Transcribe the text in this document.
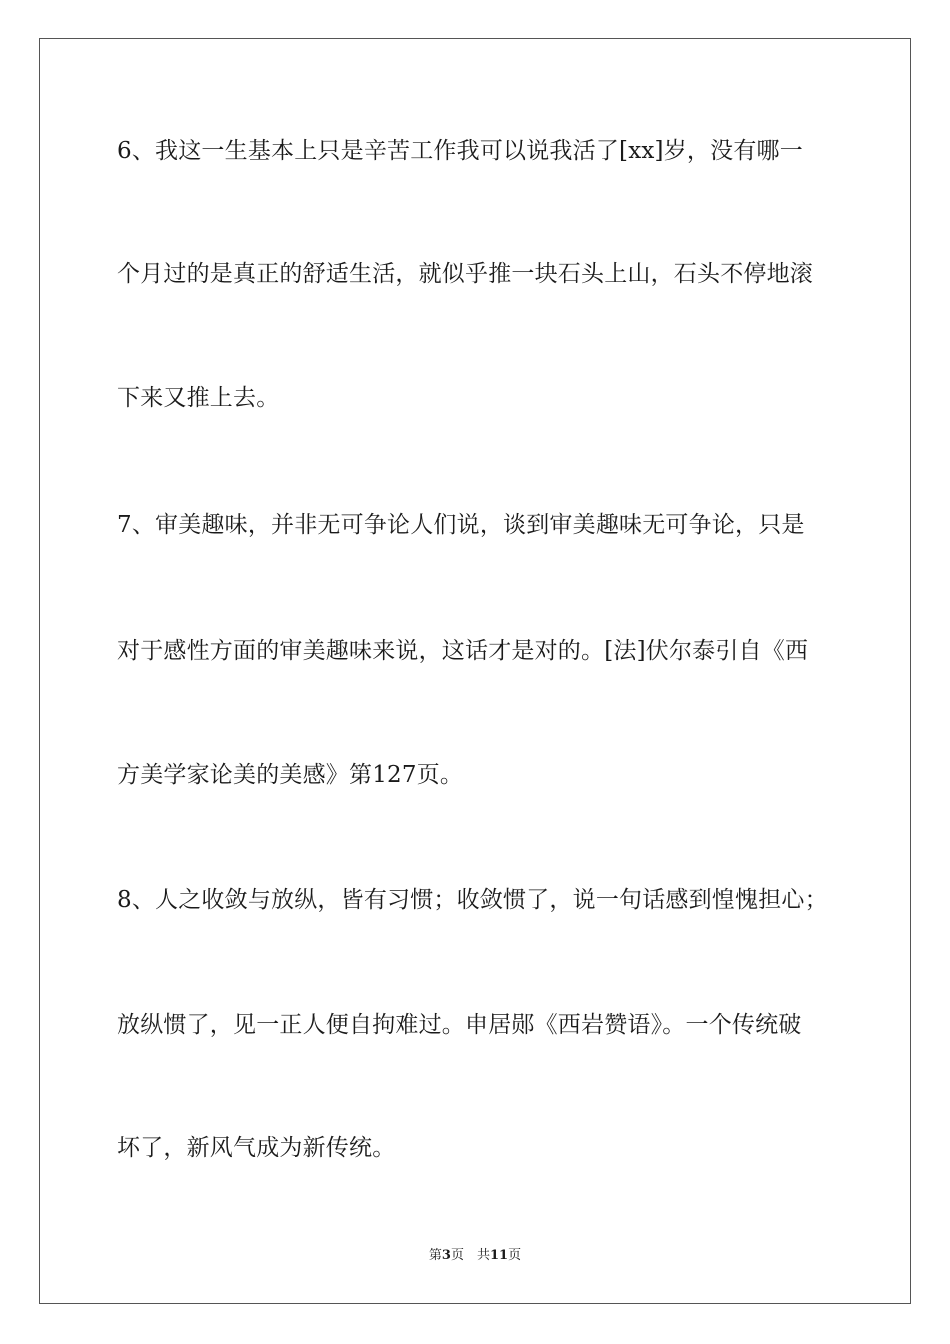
6、我这一生基本上只是辛苦工作我可以说我活了[xx]岁，没有哪一
个月过的是真正的舒适生活，就似乎推一块石头上山，石头不停地滚
下来又推上去。
7、审美趣味，并非无可争论人们说，谈到审美趣味无可争论，只是
对于感性方面的审美趣味来说，这话才是对的。[法]伏尔泰引自《西
方美学家论美的美感》第127页。
8、人之收敛与放纵，皆有习惯；收敛惯了，说一句话感到惶愧担心；
放纵惯了，见一正人便自拘难过。申居郧《西岩赞语》。一个传统破
坏了，新风气成为新传统。
第3页　共11页
